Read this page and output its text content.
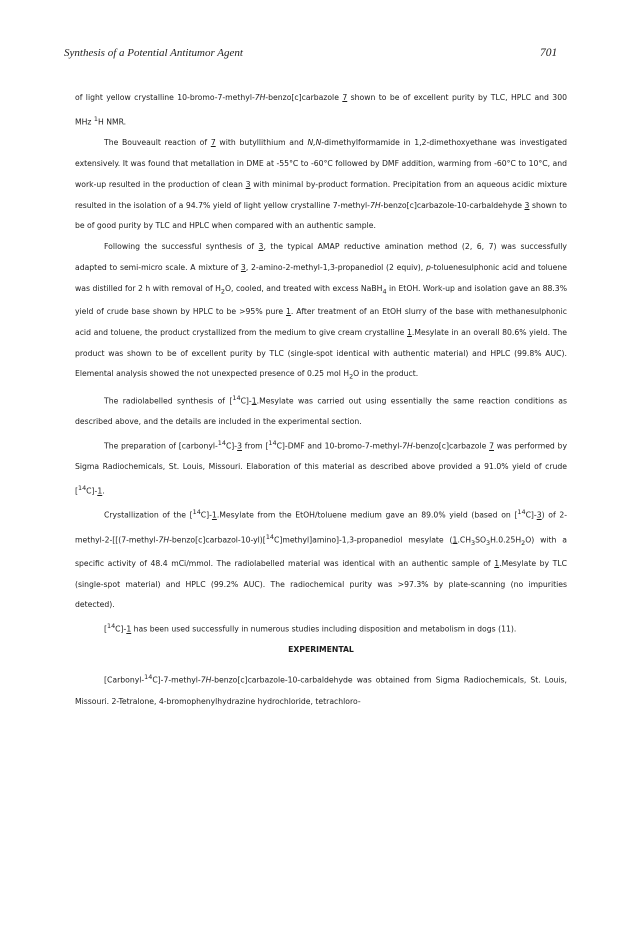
Synthesis of a Potential Antitumor Agent	701

of light yellow crystalline 10-bromo-7-methyl-7H-benzo[c]carbazole 7 shown to be of excellent purity by TLC, HPLC and 300 MHz $^1$H NMR.

The Bouveault reaction of 7 with butyllithium and N,N-dimethylformamide in 1,2-dimethoxyethane was investigated extensively. It was found that metallation in DME at -55°C to -60°C followed by DMF addition, warming from -60°C to 10°C, and work-up resulted in the production of clean 3 with minimal by-product formation. Precipitation from an aqueous acidic mixture resulted in the isolation of a 94.7% yield of light yellow crystalline 7-methyl-7H-benzo[c]carbazole-10-carbaldehyde 3 shown to be of good purity by TLC and HPLC when compared with an authentic sample.

Following the successful synthesis of 3, the typical AMAP reductive amination method (2, 6, 7) was successfully adapted to semi-micro scale. A mixture of 3, 2-amino-2-methyl-1,3-propanediol (2 equiv), p-toluenesulphonic acid and toluene was distilled for 2 h with removal of $H_2O$, cooled, and treated with excess NaBH$_4$ in EtOH. Work-up and isolation gave an 88.3% yield of crude base shown by HPLC to be >95% pure 1. After treatment of an EtOH slurry of the base with methanesulphonic acid and toluene, the product crystallized from the medium to give cream crystalline 1.Mesylate in an overall 80.6% yield. The product was shown to be of excellent purity by TLC (single-spot identical with authentic material) and HPLC (99.8% AUC). Elemental analysis showed the not unexpected presence of 0.25 mol $H_2O$ in the product.

The radiolabelled synthesis of [$^{14}$C]-1.Mesylate was carried out using essentially the same reaction conditions as described above, and the details are included in the experimental section.

The preparation of [carbonyl-$^{14}$C]-3 from [$^{14}$C]-DMF and 10-bromo-7-methyl-7H-benzo[c]carbazole 7 was performed by Sigma Radiochemicals, St. Louis, Missouri. Elaboration of this material as described above provided a 91.0% yield of crude [$^{14}$C]-1.

Crystallization of the [$^{14}$C]-1.Mesylate from the EtOH/toluene medium gave an 89.0% yield (based on [$^{14}$C]-3) of 2-methyl-2-[[(7-methyl-7H-benzo[c]carbazol-10-yl)[$^{14}$C]methyl]amino]-1,3-propanediol mesylate $(1.CH_3SO_3H.0.25H_2O)$ with a specific activity of 48.4 mCi/mmol. The radiolabelled material was identical with an authentic sample of 1.Mesylate by TLC (single-spot material) and HPLC (99.2% AUC). The radiochemical purity was >97.3% by plate-scanning (no impurities detected).

[$^{14}$C]-1 has been used successfully in numerous studies including disposition and metabolism in dogs (11).

EXPERIMENTAL

[Carbonyl-$^{14}$C]-7-methyl-7H-benzo[c]carbazole-10-carbaldehyde was obtained from Sigma Radiochemicals, St. Louis, Missouri. 2-Tetralone, 4-bromophenylhydrazine hydrochloride, tetrachloro-
